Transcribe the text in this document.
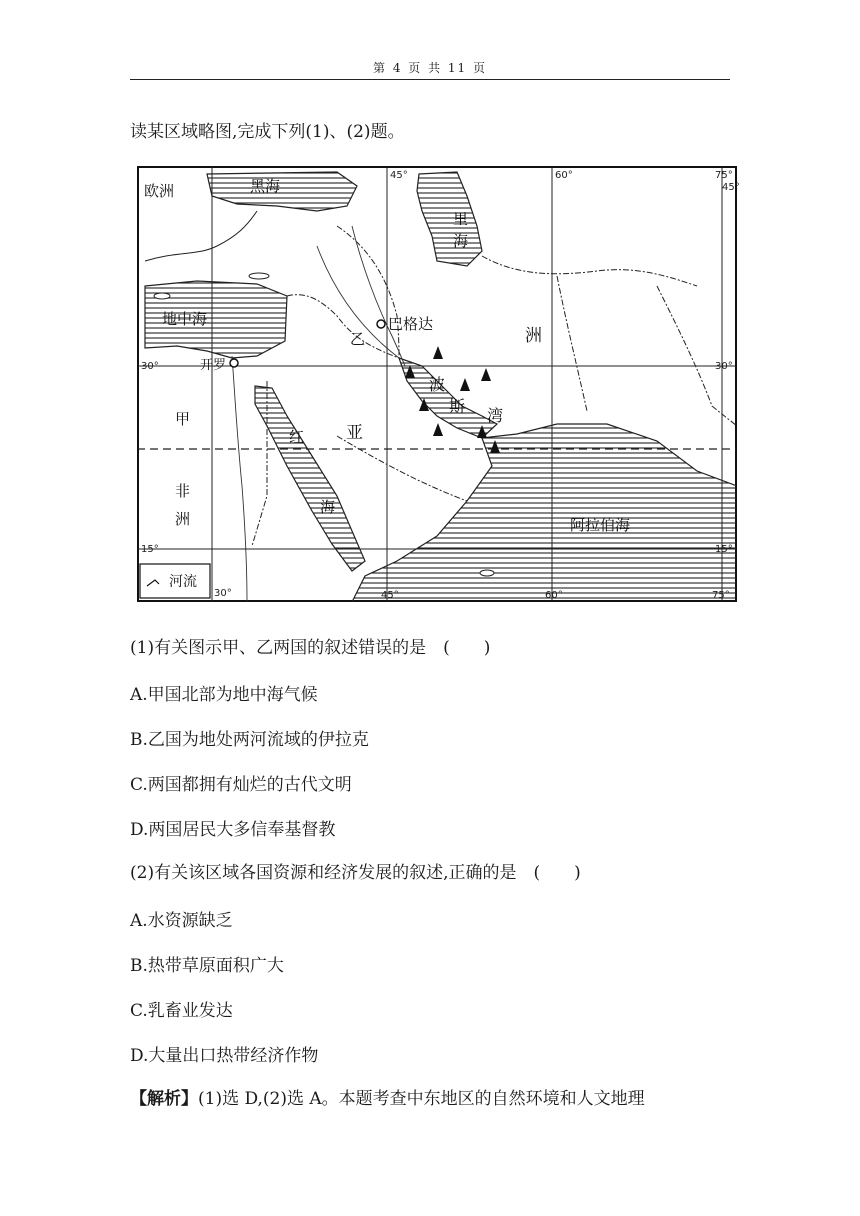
第 4 页 共 11 页
读某区域略图,完成下列(1)、(2)题。
欧洲	黑海
里
海
地中海	巴格达
乙	洲
开罗
甲
波
斯 湾
红 亚
海
非
洲	阿拉伯海
河流
45°	60°	75°
45°
30°	30°
15°	15°
30°	45°	60°	75°
(1)有关图示甲、乙两国的叙述错误的是　(　　)
A.甲国北部为地中海气候
B.乙国为地处两河流域的伊拉克
C.两国都拥有灿烂的古代文明
D.两国居民大多信奉基督教
(2)有关该区域各国资源和经济发展的叙述,正确的是　(　　)
A.水资源缺乏
B.热带草原面积广大
C.乳畜业发达
D.大量出口热带经济作物
【解析】(1)选 D,(2)选 A。本题考查中东地区的自然环境和人文地理
